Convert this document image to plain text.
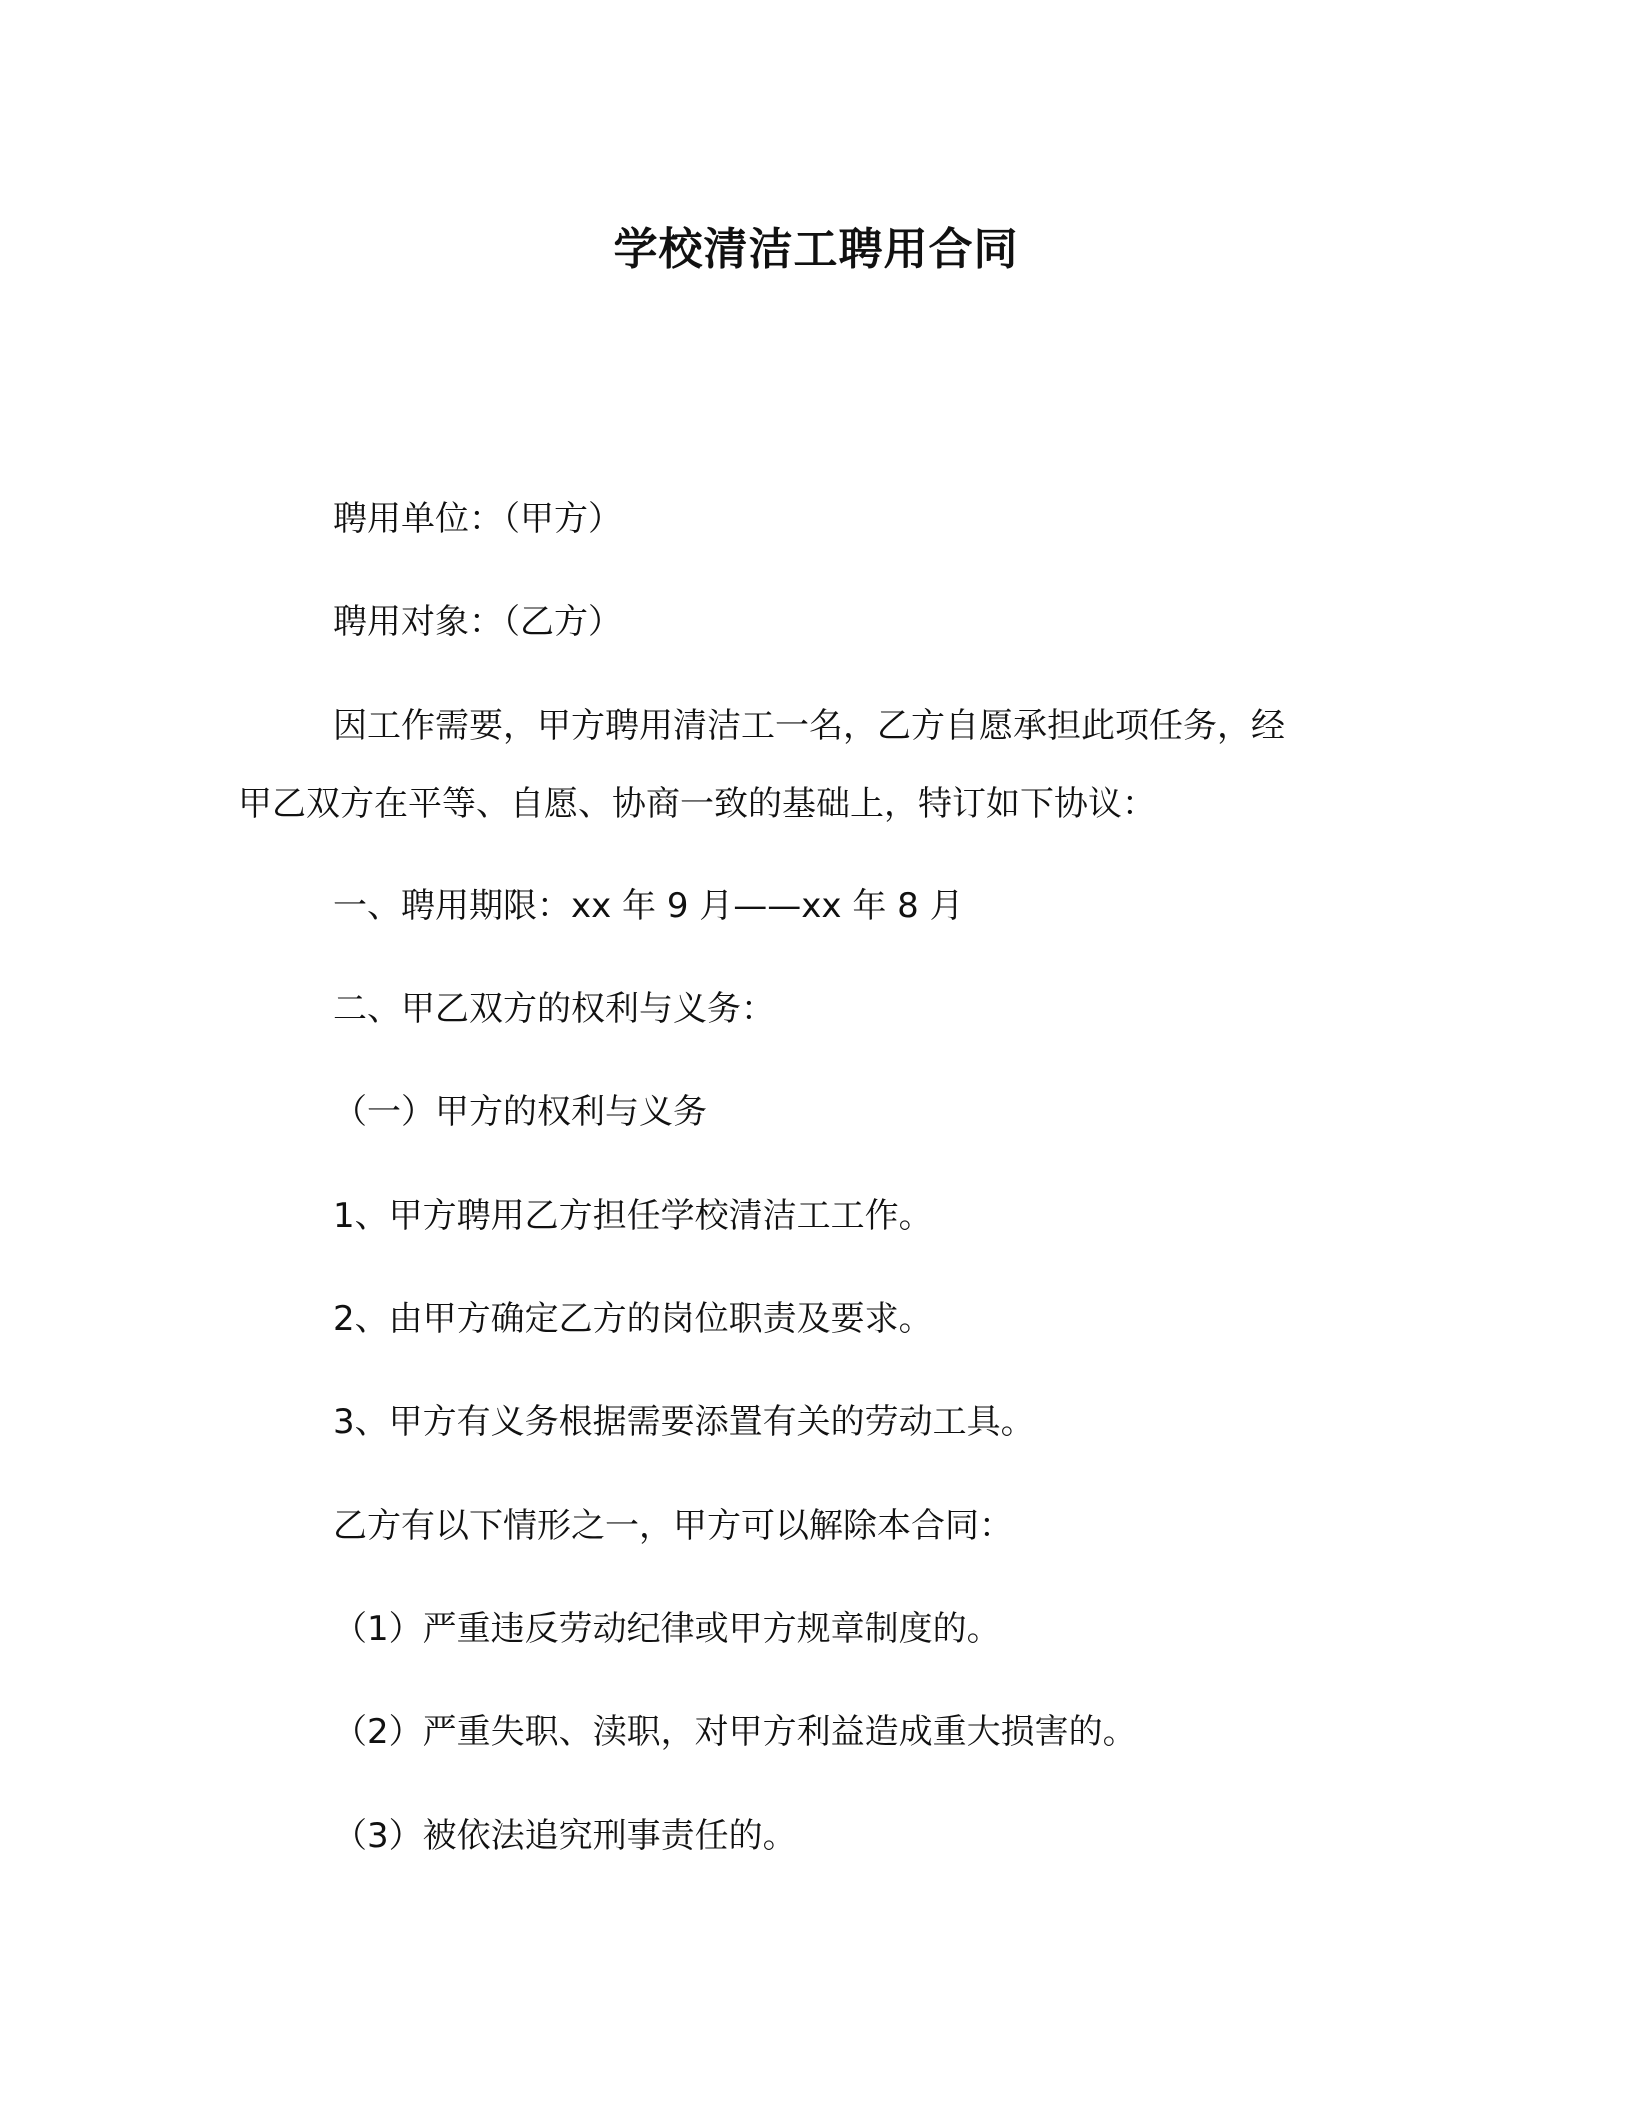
学校清洁工聘用合同
聘用单位：（甲方）
聘用对象：（乙方）
因工作需要，甲方聘用清洁工一名，乙方自愿承担此项任务，经
甲乙双方在平等、自愿、协商一致的基础上，特订如下协议：
一、聘用期限：xx 年 9 月——xx 年 8 月
二、甲乙双方的权利与义务：
（一）甲方的权利与义务
1、甲方聘用乙方担任学校清洁工工作。
2、由甲方确定乙方的岗位职责及要求。
3、甲方有义务根据需要添置有关的劳动工具。
乙方有以下情形之一，甲方可以解除本合同：
（1）严重违反劳动纪律或甲方规章制度的。
（2）严重失职、渎职，对甲方利益造成重大损害的。
（3）被依法追究刑事责任的。
